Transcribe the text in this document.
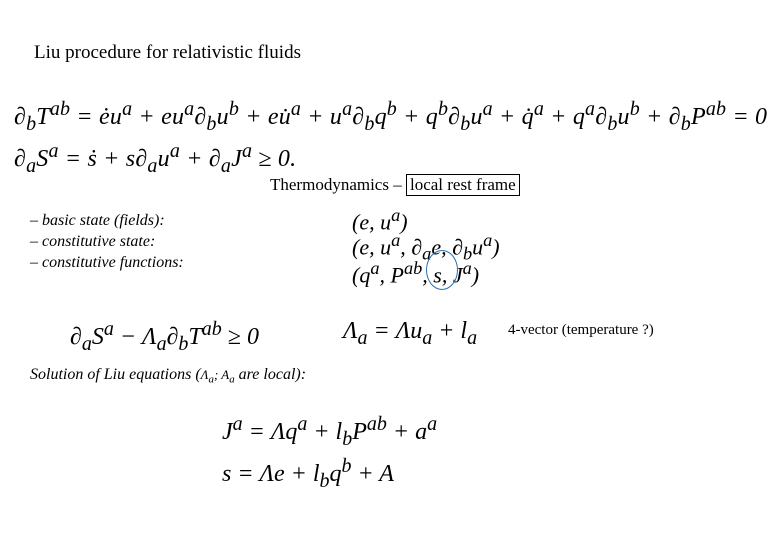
Liu procedure for relativistic fluids
$\partial_bT^{ab}$ = $ėu^a + eu^a\partial_bu^b$ + eu̇$^a$ + $u^a\partial_bq^b + q^b\partial_bu^a$ + q̇$^a$ + $q^a\partial_bu^b + \partial_bP^{ab} = 0$
$\partial_aS^a$ = ṡ + $s\partial_au^a + \partial_aJ^a \ge 0$.
Thermodynamics – local rest frame
– basic state (fields):
– constitutive state:
– constitutive functions:
(e, $u^a$)
(e, $u^a$, $\partial_ae$, $\partial_bu^a$)
($q^a$, $P^{ab}$, s, $J^a$)
$\partial_aS^a - \Lambda_a\partial_bT^{ab} \ge 0$	$\Lambda_a = \Lambda u_a + l_a$ 4-vector (temperature ?)
Solution of Liu equations ($\Lambda_a$; $A_a$ are local):
$J^a = \Lambda q^a + l_bP^{ab} + a^a$
$s = \Lambda e + l_bq^b + A$
